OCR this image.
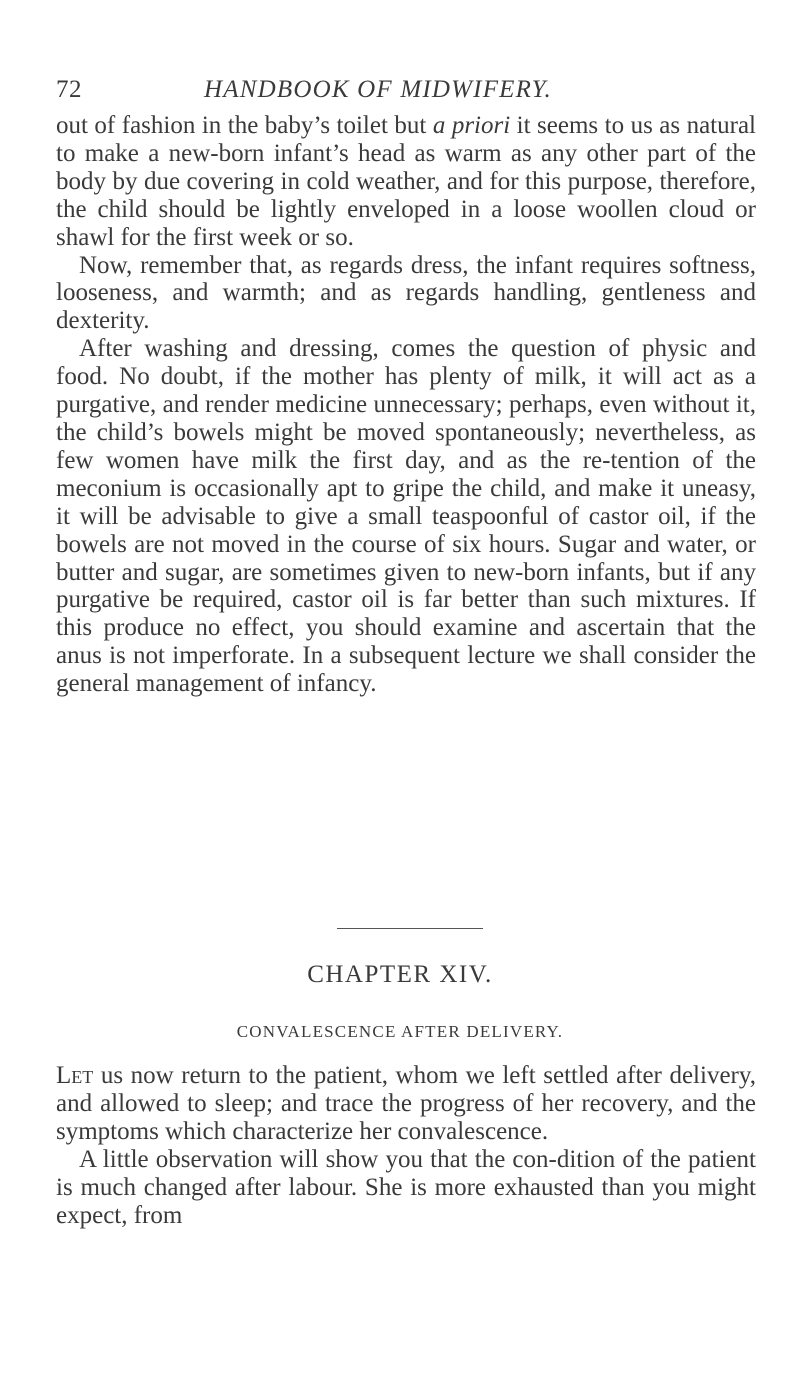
72	HANDBOOK OF MIDWIFERY.

out of fashion in the baby’s toilet but a priori it seems to us as natural to make a new-born infant’s head as warm as any other part of the body by due covering in cold weather, and for this purpose, therefore, the child should be lightly enveloped in a loose woollen cloud or shawl for the first week or so.

Now, remember that, as regards dress, the infant requires softness, looseness, and warmth; and as regards handling, gentleness and dexterity.

After washing and dressing, comes the question of physic and food. No doubt, if the mother has plenty of milk, it will act as a purgative, and render medicine unnecessary; perhaps, even without it, the child’s bowels might be moved spontaneously; nevertheless, as few women have milk the first day, and as the re-tention of the meconium is occasionally apt to gripe the child, and make it uneasy, it will be advisable to give a small teaspoonful of castor oil, if the bowels are not moved in the course of six hours. Sugar and water, or butter and sugar, are sometimes given to new-born infants, but if any purgative be required, castor oil is far better than such mixtures. If this produce no effect, you should examine and ascertain that the anus is not imperforate. In a subsequent lecture we shall consider the general management of infancy.

CHAPTER XIV.
CONVALESCENCE AFTER DELIVERY.

Let us now return to the patient, whom we left settled after delivery, and allowed to sleep; and trace the progress of her recovery, and the symptoms which characterize her convalescence.

A little observation will show you that the con-dition of the patient is much changed after labour. She is more exhausted than you might expect, from
